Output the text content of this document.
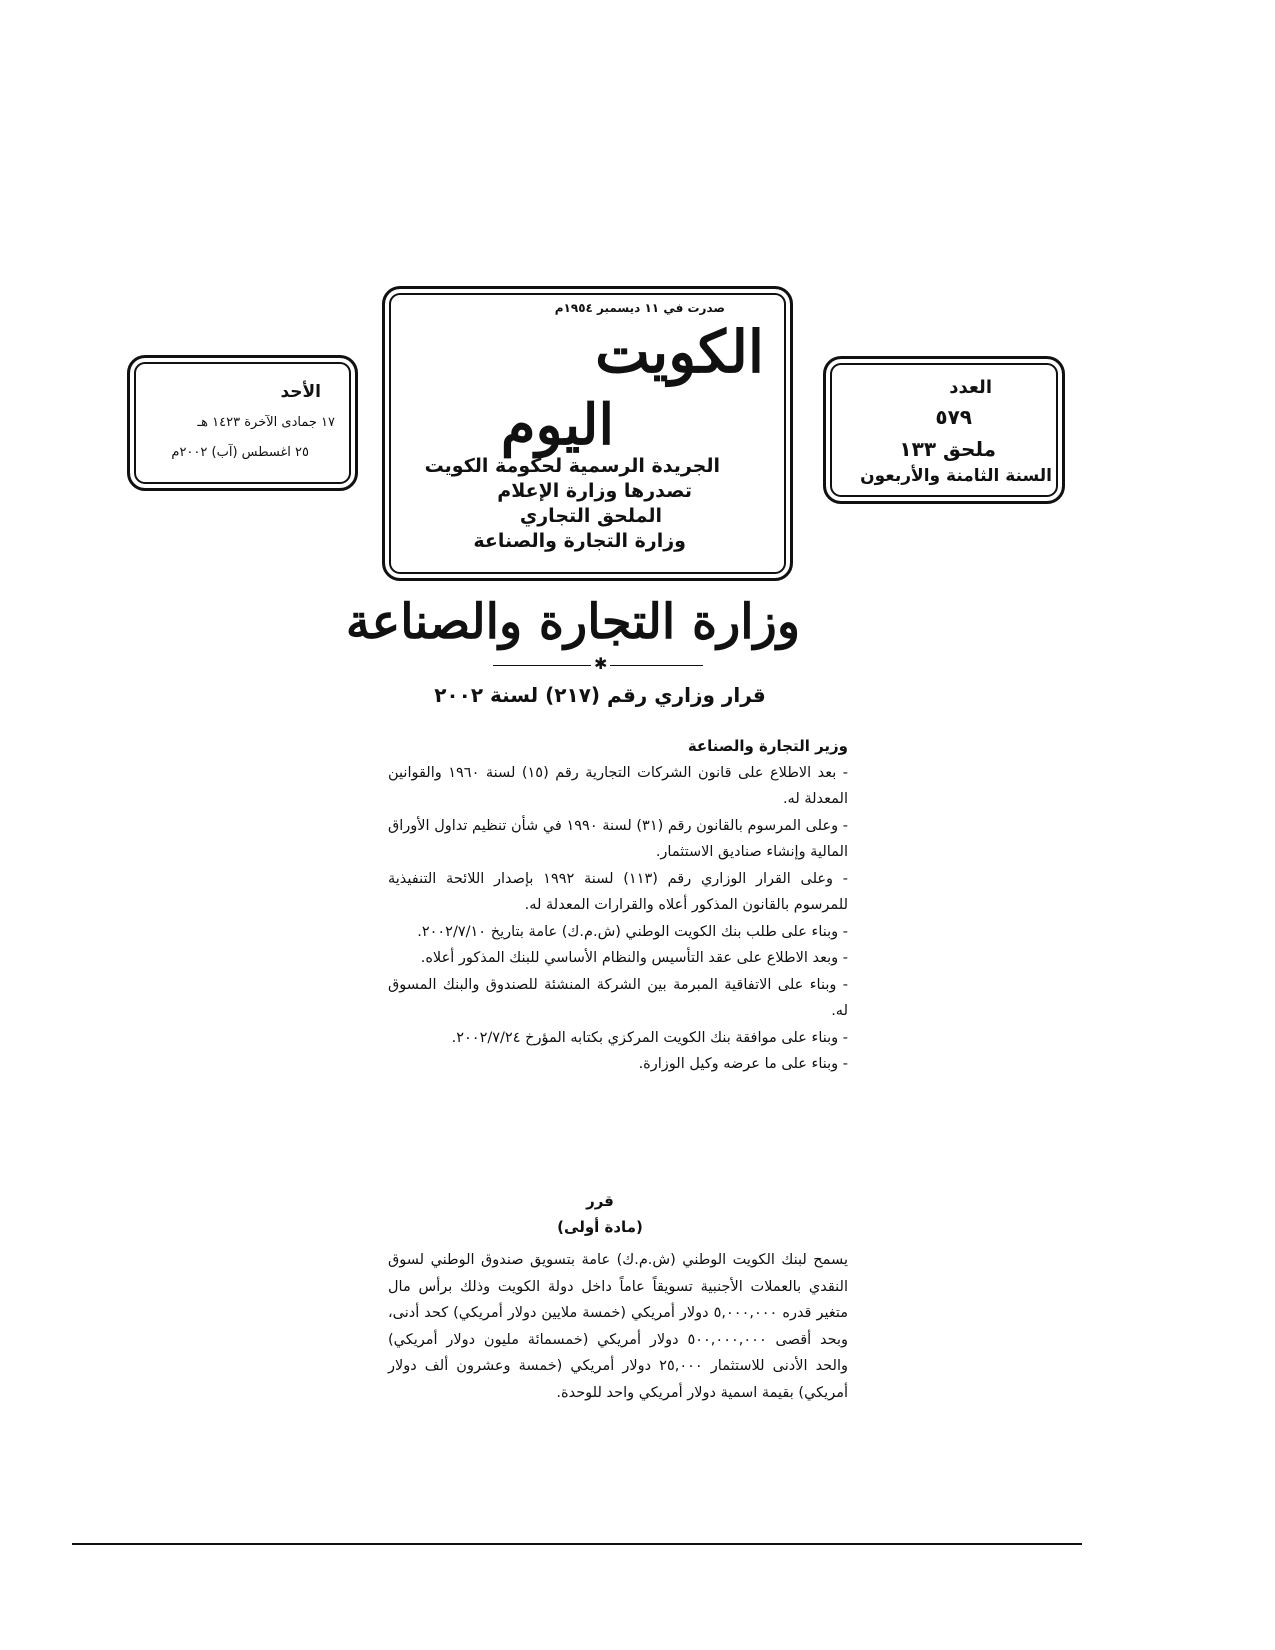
الأحد
١٧ جمادى الآخرة ١٤٢٣ هـ
٢٥ اغسطس (آب) ٢٠٠٢م
صدرت في ١١ ديسمبر ١٩٥٤م
الكويت
اليوم
الجريدة الرسمية لحكومة الكويت
تصدرها وزارة الإعلام
الملحق التجاري
وزارة التجارة والصناعة
العدد
٥٧٩
ملحق ١٣٣
السنة الثامنة والأربعون
وزارة التجارة والصناعة
✱
قرار وزاري رقم (٢١٧) لسنة ٢٠٠٢
وزير التجارة والصناعة
- بعد الاطلاع على قانون الشركات التجارية رقم (١٥) لسنة ١٩٦٠ والقوانين المعدلة له.
- وعلى المرسوم بالقانون رقم (٣١) لسنة ١٩٩٠ في شأن تنظيم تداول الأوراق المالية وإنشاء صناديق الاستثمار.
- وعلى القرار الوزاري رقم (١١٣) لسنة ١٩٩٢ بإصدار اللائحة التنفيذية للمرسوم بالقانون المذكور أعلاه والقرارات المعدلة له.
- وبناء على طلب بنك الكويت الوطني (ش.م.ك) عامة بتاريخ ٢٠٠٢/٧/١٠.
- وبعد الاطلاع على عقد التأسيس والنظام الأساسي للبنك المذكور أعلاه.
- وبناء على الاتفاقية المبرمة بين الشركة المنشئة للصندوق والبنك المسوق له.
- وبناء على موافقة بنك الكويت المركزي بكتابه المؤرخ ٢٠٠٢/٧/٢٤.
- وبناء على ما عرضه وكيل الوزارة.
قرر
(مادة أولى)
يسمح لبنك الكويت الوطني (ش.م.ك) عامة بتسويق صندوق الوطني لسوق النقدي بالعملات الأجنبية تسويقاً عاماً داخل دولة الكويت وذلك برأس مال متغير قدره ٥,٠٠٠,٠٠٠ دولار أمريكي (خمسة ملايين دولار أمريكي) كحد أدنى، وبحد أقصى ٥٠٠,٠٠٠,٠٠٠ دولار أمريكي (خمسمائة مليون دولار أمريكي) والحد الأدنى للاستثمار ٢٥,٠٠٠ دولار أمريكي (خمسة وعشرون ألف دولار أمريكي) بقيمة اسمية دولار أمريكي واحد للوحدة.
